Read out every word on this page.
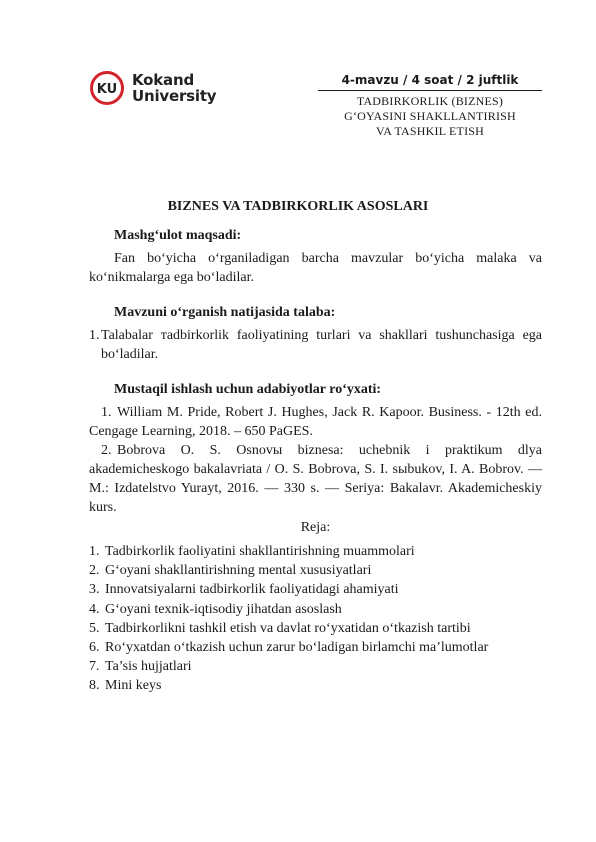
KU
Kokand
University
4-mavzu / 4 soat / 2 juftlik
TADBIRKORLIK (BIZNES)
G‘OYASINI SHAKLLANTIRISH
VA TASHKIL ETISH
BIZNES VA TADBIRKORLIK ASOSLARI
Mashg‘ulot maqsadi:

Fan bo‘yicha o‘rganiladigan barcha mavzular bo‘yicha malaka va ko‘nikmalarga ega bo‘ladilar.

Mavzuni o‘rganish natijasida talaba:
1. Talabalar тadbirkorlik faoliyatining turlari va shakllari tushunchasiga ega bo‘ladilar.
Mustaqil ishlash uchun adabiyotlar ro‘yxati:
1. William M. Pride, Robert J. Hughes, Jack R. Kapoor. Business. - 12th ed. Cengage Learning, 2018. – 650 PaGES.
2. Bobrova O. S. Osnovы biznesa: uchebnik i praktikum dlya akademicheskogo bakalavriata / O. S. Bobrova, S. I. sыbukov, I. A. Bobrov. — M.: Izdatelstvo Yurayt, 2016. — 330 s. — Seriya: Bakalavr. Akademicheskiy kurs.
Reja:
1. Tadbirkorlik faoliyatini shakllantirishning muammolari
2. G‘oyani shakllantirishning mental xususiyatlari
3. Innovatsiyalarni tadbirkorlik faoliyatidagi ahamiyati
4. G‘oyani texnik-iqtisodiy jihatdan asoslash
5. Tadbirkorlikni tashkil etish va davlat ro‘yxatidan o‘tkazish tartibi
6. Ro‘yxatdan o‘tkazish uchun zarur bo‘ladigan birlamchi ma’lumotlar
7. Ta’sis hujjatlari
8. Mini keys
